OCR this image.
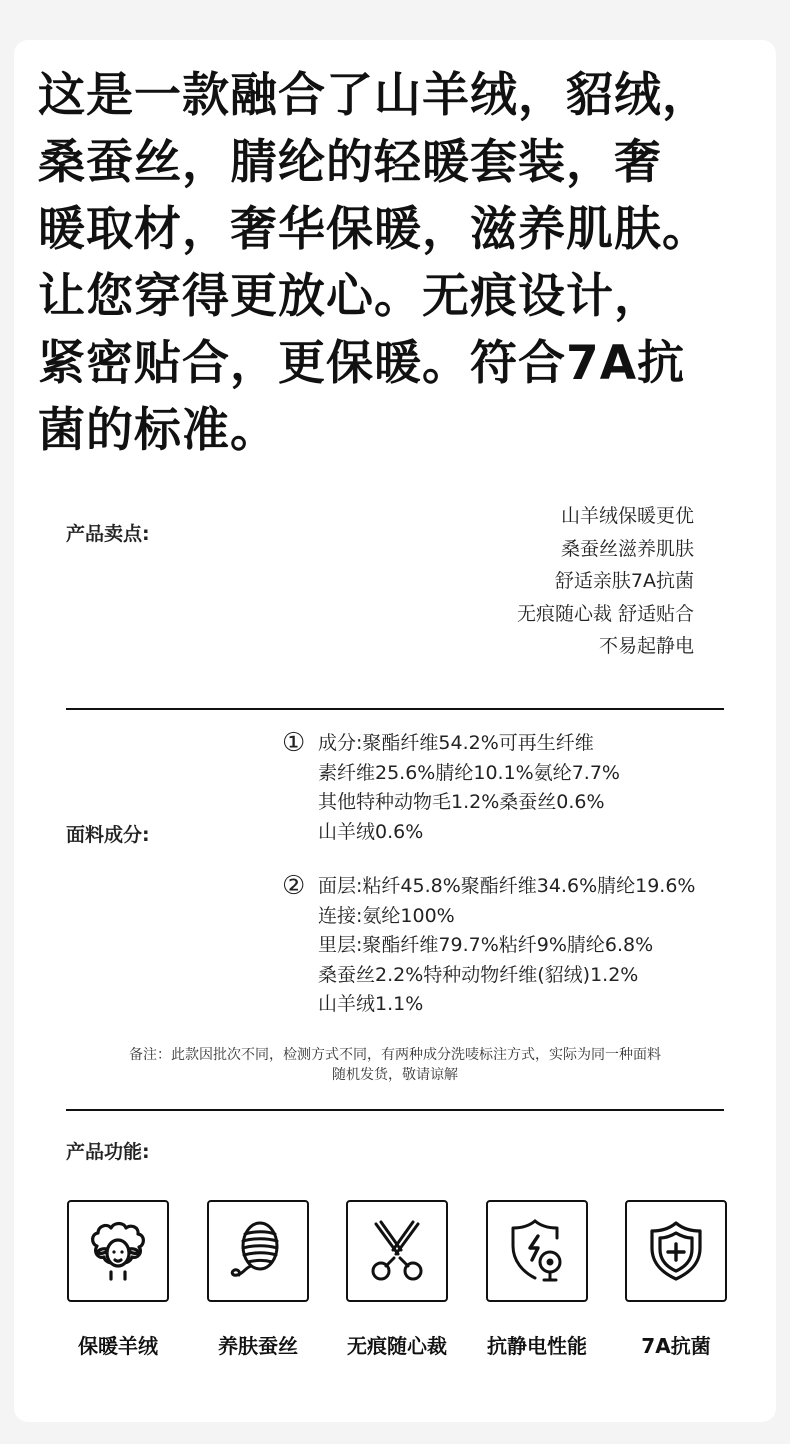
这是一款融合了山羊绒，貂绒，
桑蚕丝，腈纶的轻暖套装，奢
暖取材，奢华保暖，滋养肌肤。
让您穿得更放心。无痕设计，
紧密贴合，更保暖。符合7A抗
菌的标准。
产品卖点:
山羊绒保暖更优
桑蚕丝滋养肌肤
舒适亲肤7A抗菌
无痕随心裁 舒适贴合
不易起静电
面料成分:
① 成分:聚酯纤维54.2%可再生纤维
素纤维25.6%腈纶10.1%氨纶7.7%
其他特种动物毛1.2%桑蚕丝0.6%
山羊绒0.6%
② 面层:粘纤45.8%聚酯纤维34.6%腈纶19.6%
连接:氨纶100%
里层:聚酯纤维79.7%粘纤9%腈纶6.8%
桑蚕丝2.2%特种动物纤维(貂绒)1.2%
山羊绒1.1%
备注：此款因批次不同，检测方式不同，有两种成分洗唛标注方式，实际为同一种面料
随机发货，敬请谅解
产品功能:
保暖羊绒	养肤蚕丝	无痕随心裁	抗静电性能	7A抗菌
